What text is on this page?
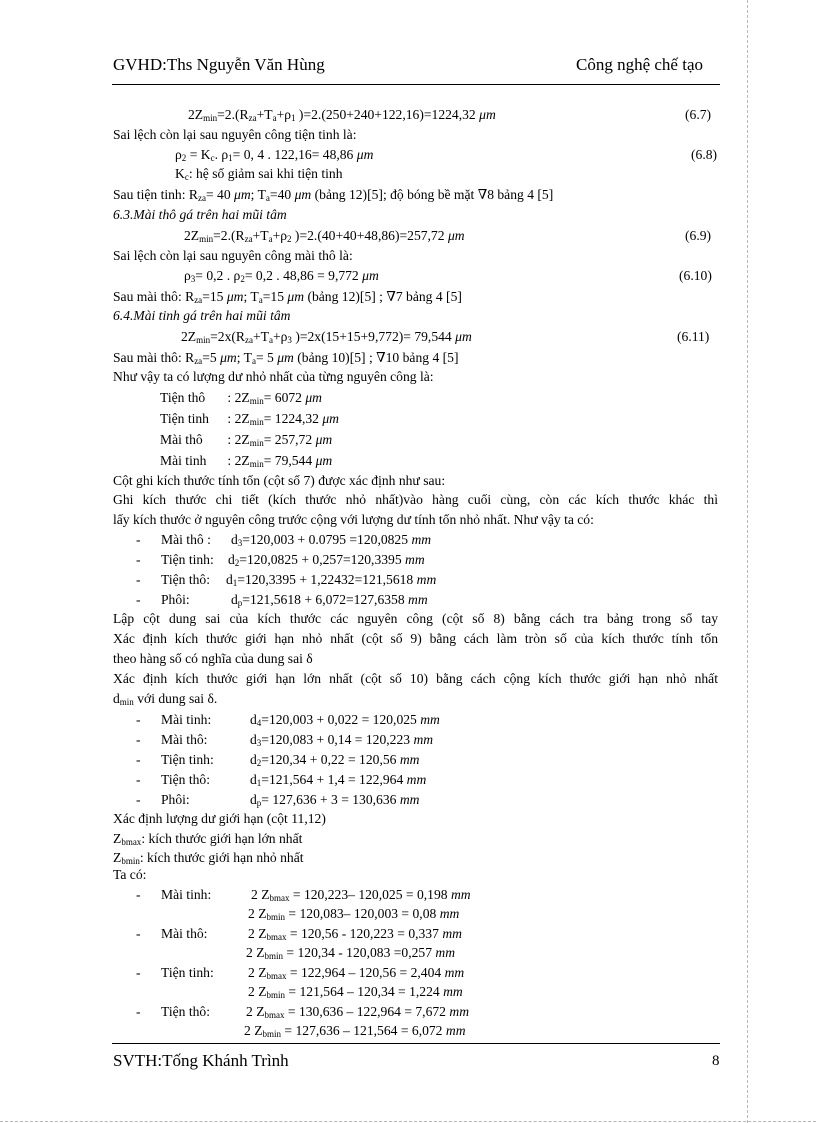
GVHD:Ths Nguyễn Văn Hùng	Công nghệ chế tạo
$2Z_{min}=2.(R_{za}+T_a+\rho_1$ )=2.(250+240+122,16)=1224,32 μm	(6.7)
Sai lệch còn lại sau nguyên công tiện tinh là:
$\rho_2 = K_c$. $\rho_1= 0$, 4 . 122,16= 48,86 μm	(6.8)
$K_c$: hệ số giảm sai khi tiện tinh
Sau tiện tinh: $R_{za}= 40$ μm; $T_a=40$ μm (bảng 12)[5]; độ bóng bề mặt ∇8 bảng 4 [5]
6.3.Mài thô gá trên hai mũi tâm
$2Z_{min}=2.(R_{za}+T_a+\rho_2$ )=2.(40+40+48,86)=257,72 μm	(6.9)
Sai lệch còn lại sau nguyên công mài thô là:
$\rho_3= 0,2$ . $\rho_2= 0,2$ . 48,86 = 9,772 μm	(6.10)
Sau mài thô: $R_{za}=15$ μm; $T_a=15$ μm (bảng 12)[5] ; ∇7 bảng 4 [5]
6.4.Mài tinh gá trên hai mũi tâm
$2Z_{min}=2x(R_{za}+T_a+\rho_3$ )=2x(15+15+9,772)= 79,544 μm	(6.11)
Sau mài thô: $R_{za}=5$ μm; $T_a= 5$ μm (bảng 10)[5] ; ∇10 bảng 4 [5]
Như vậy ta có lượng dư nhỏ nhất của từng nguyên công là:
Tiện thô : $2Z_{min}= 6072$ μm
Tiện tinh : $2Z_{min}= 1224,32$ μm
Mài thô : $2Z_{min}= 257,72$ μm
Mài tinh : $2Z_{min}= 79,544$ μm
Cột ghi kích thước tính tốn (cột số 7) được xác định như sau:
Ghi kích thước chi tiết (kích thước nhỏ nhất)vào hàng cuối cùng, còn các kích thước khác thì
lấy kích thước ở nguyên công trước cộng với lượng dư tính tốn nhỏ nhất. Như vậy ta có:
- Mài thô : $d_3=120,003 + 0.0795 =120,0825$ mm
- Tiện tinh: $d_2=120,0825 + 0,257=120,3395$ mm
- Tiện thô: $d_1=120,3395 + 1,22432=121,5618$ mm
- Phôi:	$d_p=121,5618 + 6,072=127,6358$ mm
Lập cột dung sai của kích thước các nguyên công (cột số 8) bằng cách tra bảng trong sổ tay
Xác định kích thước giới hạn nhỏ nhất (cột số 9) bằng cách làm tròn số của kích thước tính tốn
theo hàng số có nghĩa của dung sai δ
Xác định kích thước giới hạn lớn nhất (cột số 10) bằng cách cộng kích thước giới hạn nhỏ nhất
$d_{min}$ với dung sai δ.
- Mài tinh:	$d_4=120,003 + 0,022 = 120,025$ mm
- Mài thô:	$d_3=120,083 + 0,14 = 120,223$ mm
- Tiện tinh:	$d_2=120,34 + 0,22 = 120,56$ mm
- Tiện thô:	$d_1=121,564 + 1,4 = 122,964$ mm
- Phôi:	$d_p= 127,636 + 3 = 130,636$ mm
Xác định lượng dư giới hạn (cột 11,12)
$Z_{bmax}$: kích thước giới hạn lớn nhất
$Z_{bmin}$: kích thước giới hạn nhỏ nhất
Ta có:
- Mài tinh:	2 $Z_{bmax} = 120,223-$ 120,025 = 0,198 mm
2 $Z_{bmin} = 120,083-$ 120,003 = 0,08 mm
- Mài thô:	2 $Z_{bmax} = 120,56 - 120,223 = 0,337$ mm
2 $Z_{bmin} = 120,34 - 120,083 =0,257$ mm
- Tiện tinh:	2 $Z_{bmax} = 122,964 - 120,56 = 2,404$ mm
2 $Z_{bmin} = 121,564 - 120,34 = 1,224$ mm
- Tiện thô:	2 $Z_{bmax} = 130,636 - 122,964 = 7,672$ mm
2 $Z_{bmin} = 127,636 - 121,564 = 6,072$ mm
SVTH:Tống Khánh Trình	8
